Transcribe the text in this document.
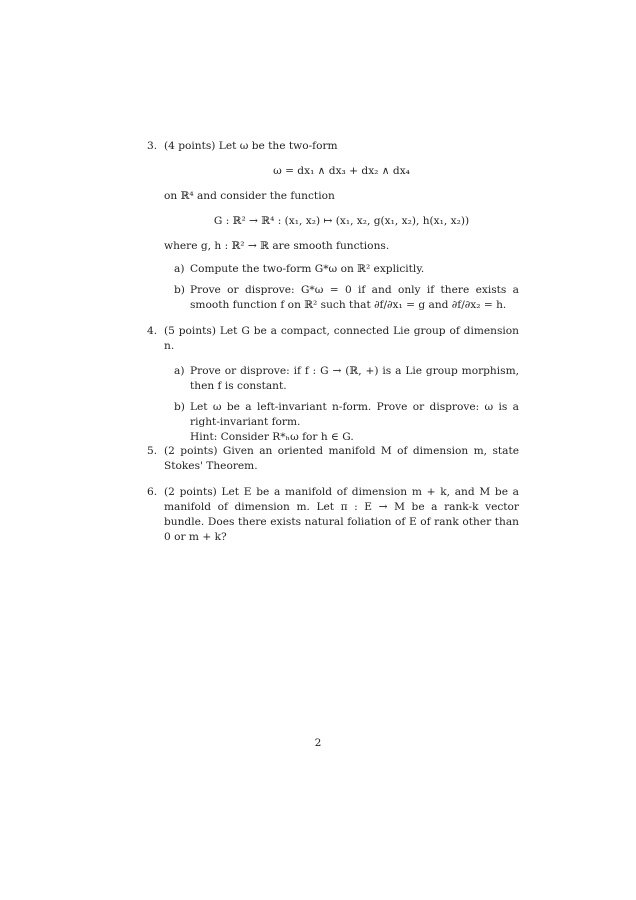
3. (4 points) Let ω be the two-form

ω = dx₁ ∧ dx₃ + dx₂ ∧ dx₄

on ℝ⁴ and consider the function

G : ℝ² → ℝ⁴ : (x₁, x₂) ↦ (x₁, x₂, g(x₁, x₂), h(x₁, x₂))

where g, h : ℝ² → ℝ are smooth functions.

a) Compute the two-form G*ω on ℝ² explicitly.
b) Prove or disprove: G*ω = 0 if and only if there exists a smooth function f on ℝ² such that ∂f/∂x₁ = g and ∂f/∂x₂ = h.
4. (5 points) Let G be a compact, connected Lie group of dimension n.

a) Prove or disprove: if f : G → (ℝ, +) is a Lie group morphism, then f is constant.
b) Let ω be a left-invariant n-form. Prove or disprove: ω is a right-invariant form.
Hint: Consider R*ₕω for h ∈ G.
5. (2 points) Given an oriented manifold M of dimension m, state Stokes' Theorem.

6. (2 points) Let E be a manifold of dimension m + k, and M be a manifold of dimension m. Let π : E → M be a rank-k vector bundle. Does there exists natural foliation of E of rank other than 0 or m + k?

2
